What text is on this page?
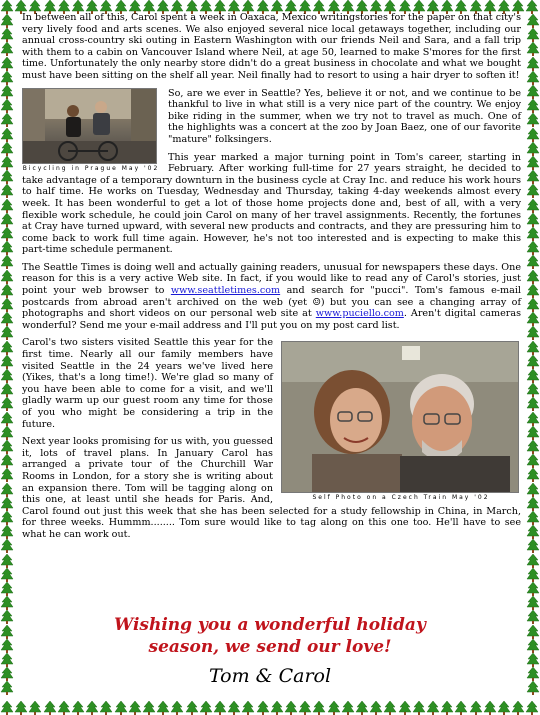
In between all of this, Carol spent a week in Oaxaca, Mexico writingstories for the paper on that city's very lively food and arts scenes. We also enjoyed several nice local getaways together, including our annual cross-country ski outing in Eastern Washington with our friends Neil and Sara, and a fall trip with them to a cabin on Vancouver Island where Neil, at age 50, learned to make S'mores for the first time. Unfortunately the only nearby store didn't do a great business in chocolate and what we bought must have been sitting on the shelf all year. Neil finally had to resort to using a hair dryer to soften it!

Bicycling in Prague May '02

So, are we ever in Seattle? Yes, believe it or not, and we continue to be thankful to live in what still is a very nice part of the country. We enjoy bike riding in the summer, when we try not to travel as much. One of the highlights was a concert at the zoo by Joan Baez, one of our favorite "mature" folksingers.

This year marked a major turning point in Tom's career, starting in February. After working full-time for 27 years straight, he decided to take advantage of a temporary downturn in the business cycle at Cray Inc. and reduce his work hours to half time. He works on Tuesday, Wednesday and Thursday, taking 4-day weekends almost every week. It has been wonderful to get a lot of those home projects done and, best of all, with a very flexible work schedule, he could join Carol on many of her travel assignments. Recently, the fortunes at Cray have turned upward, with several new products and contracts, and they are pressuring him to come back to work full time again. However, he's not too interested and is expecting to make this part-time schedule permanent.

The Seattle Times is doing well and actually gaining readers, unusual for newspapers these days. One reason for this is a very active Web site. In fact, if you would like to read any of Carol's stories, just point your web browser to www.seattletimes.com and search for "pucci". Tom's famous e-mail postcards from abroad aren't archived on the web (yet ☺) but you can see a changing array of photographs and short videos on our personal web site at www.puciello.com. Aren't digital cameras wonderful? Send me your e-mail address and I'll put you on my post card list.

Self Photo on a Czech Train May '02

Carol's two sisters visited Seattle this year for the first time. Nearly all our family members have visited Seattle in the 24 years we've lived here (Yikes, that's a long time!). We're glad so many of you have been able to come for a visit, and we'll gladly warm up our guest room any time for those of you who might be considering a trip in the future.

Next year looks promising for us with, you guessed it, lots of travel plans. In January Carol has arranged a private tour of the Churchill War Rooms in London, for a story she is writing about an expansion there. Tom will be tagging along on this one, at least until she heads for Paris. And, Carol found out just this week that she has been selected for a study fellowship in China, in March, for three weeks. Hummm........ Tom sure would like to tag along on this one too. He'll have to see what he can work out.

Wishing you a wonderful holiday
season, we send our love!
Tom & Carol
